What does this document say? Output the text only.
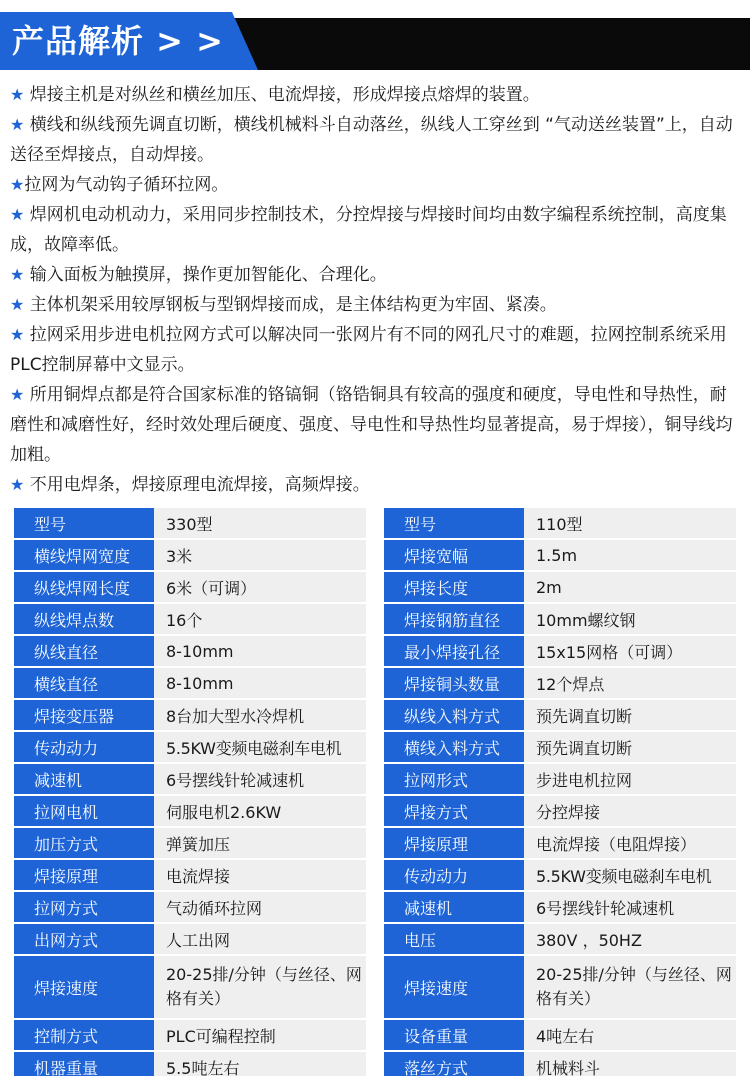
产品解析 > >

★ 焊接主机是对纵丝和横丝加压、电流焊接，形成焊接点熔焊的装置。

★ 横线和纵线预先调直切断，横线机械料斗自动落丝，纵线人工穿丝到 “气动送丝装置”上，自动送径至焊接点，自动焊接。

★拉网为气动钩子循环拉网。

★ 焊网机电动机动力，采用同步控制技术，分控焊接与焊接时间均由数字编程系统控制，高度集成，故障率低。

★ 输入面板为触摸屏，操作更加智能化、合理化。

★ 主体机架采用较厚钢板与型钢焊接而成，是主体结构更为牢固、紧凑。

★ 拉网采用步进电机拉网方式可以解决同一张网片有不同的网孔尺寸的难题，拉网控制系统采用PLC控制屏幕中文显示。

★ 所用铜焊点都是符合国家标准的铬镐铜（铬锆铜具有较高的强度和硬度，导电性和导热性，耐磨性和减磨性好，经时效处理后硬度、强度、导电性和导热性均显著提高，易于焊接），铜导线均加粗。

★ 不用电焊条，焊接原理电流焊接，高频焊接。

型号	330型
横线焊网宽度	3米
纵线焊网长度	6米（可调）
纵线焊点数	16个
纵线直径	8-10mm
横线直径	8-10mm
焊接变压器	8台加大型水冷焊机
传动动力	5.5KW变频电磁刹车电机
减速机	6号摆线针轮减速机
拉网电机	伺服电机2.6KW
加压方式	弹簧加压
焊接原理	电流焊接
拉网方式	气动循环拉网
出网方式	人工出网
焊接速度	20-25排/分钟（与丝径、网格有关）
控制方式	PLC可编程控制
机器重量	5.5吨左右
型号	110型
焊接宽幅	1.5m
焊接长度	2m
焊接钢筋直径	10mm螺纹钢
最小焊接孔径	15x15网格（可调）
焊接铜头数量	12个焊点
纵线入料方式	预先调直切断
横线入料方式	预先调直切断
拉网形式	步进电机拉网
焊接方式	分控焊接
焊接原理	电流焊接（电阻焊接）
传动动力	5.5KW变频电磁刹车电机
减速机	6号摆线针轮减速机
电压	380V ，50HZ
焊接速度	20-25排/分钟（与丝径、网格有关）
设备重量	4吨左右
落丝方式	机械料斗
